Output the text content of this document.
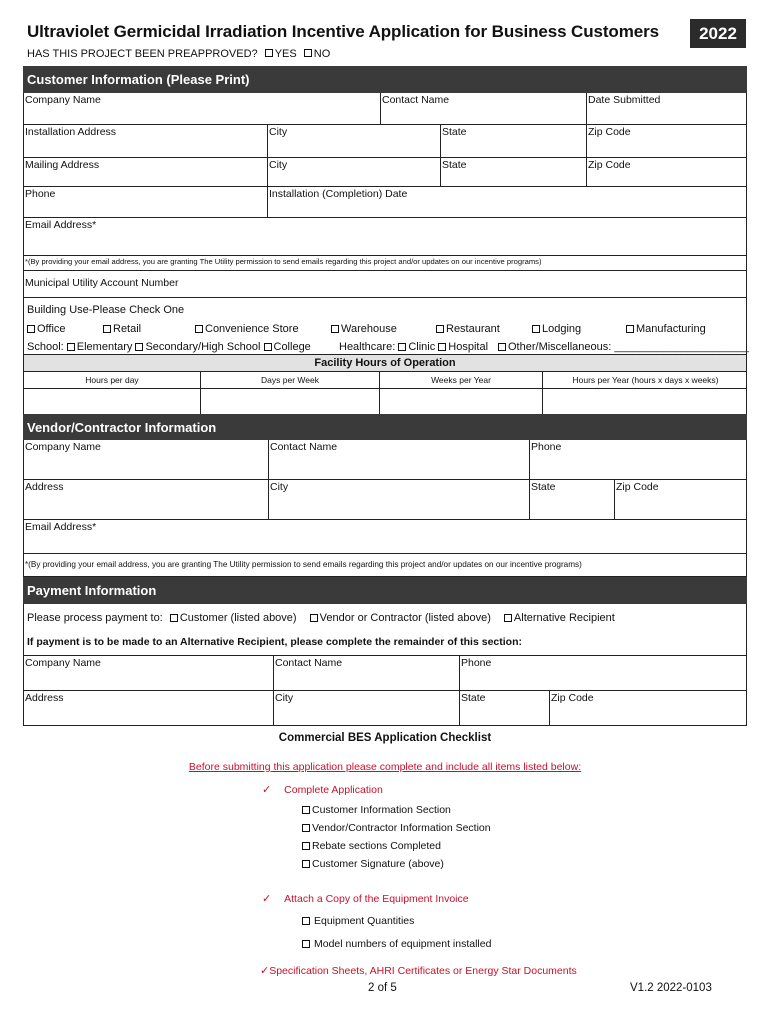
Ultraviolet Germicidal Irradiation Incentive Application for Business Customers	2022
HAS THIS PROJECT BEEN PREAPPROVED? YES NO
Customer Information (Please Print)
Company Name	Contact Name	Date Submitted
Installation Address	City	State	Zip Code
Mailing Address	City	State	Zip Code
Phone	Installation (Completion) Date
Email Address*
*(By providing your email address, you are granting The Utility permission to send emails regarding this project and/or updates on our incentive programs)
Municipal Utility Account Number
Building Use-Please Check One
Office	Retail	Convenience Store	Warehouse	Restaurant	Lodging	Manufacturing
School: Elementary Secondary/High School College	Healthcare: Clinic Hospital	Other/Miscellaneous: ______________________
Facility Hours of Operation
Hours per day	Days per Week	Weeks per Year	Hours per Year (hours x days x weeks)
Vendor/Contractor Information
Company Name	Contact Name	Phone
Address	City	State	Zip Code
Email Address*
*(By providing your email address, you are granting The Utility permission to send emails regarding this project and/or updates on our incentive programs)
Payment Information
Please process payment to: Customer (listed above) Vendor or Contractor (listed above) Alternative Recipient
If payment is to be made to an Alternative Recipient, please complete the remainder of this section:
Company Name	Contact Name	Phone
Address	City	State	Zip Code
Commercial BES Application Checklist
Before submitting this application please complete and include all items listed below:
✓ Complete Application
Customer Information Section
Vendor/Contractor Information Section
Rebate sections Completed
Customer Signature (above)
✓ Attach a Copy of the Equipment Invoice
Equipment Quantities
Model numbers of equipment installed
✓Specification Sheets, AHRI Certificates or Energy Star Documents
2 of 5	V1.2 2022-0103
